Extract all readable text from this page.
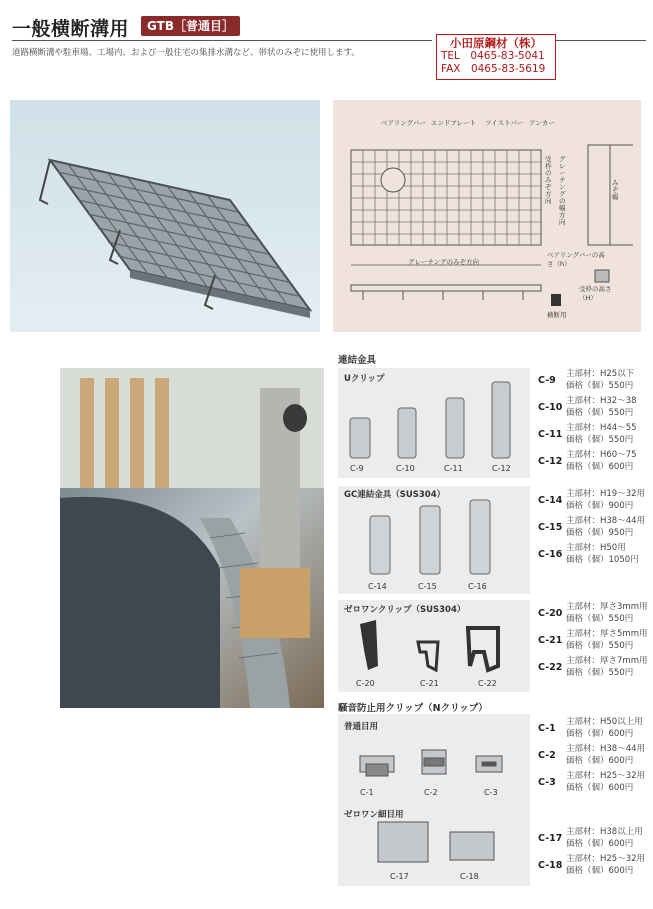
一般横断溝用	GTB［普通目］
道路横断溝や駐車場、工場内、および一般住宅の集排水溝など、帯状のみぞに使用します。
小田原鋼材（株）
TEL　0465-83-5041
FAX　0465-83-5619
ベアリングバー エンドプレート ツイストバー アンカー
グレーチングのみぞ方向
受枠のみぞ方向
グレーチングの幅方向
みぞ幅
ベアリングバーの高さ（h）
受枠の高さ（H）
横断用
連結金具
Uクリップ
C-9	C-10	C-11	C-12
GC連結金具（SUS304）
C-14	C-15	C-16
ゼロワンクリップ（SUS304）
C-20	C-21	C-22
騒音防止用クリップ（Nクリップ）
普通目用
C-1	C-2	C-3
ゼロワン細目用
C-17	C-18
C-9
主部材：H25以下
価格（個）550円
C-10
主部材：H32～38
価格（個）550円
C-11
主部材：H44～55
価格（個）550円
C-12
主部材：H60～75
価格（個）600円
C-14
主部材：H19～32用
価格（個）900円
C-15
主部材：H38～44用
価格（個）950円
C-16
主部材：H50用
価格（個）1050円
C-20
主部材：厚さ3mm用
価格（個）550円
C-21
主部材：厚さ5mm用
価格（個）550円
C-22
主部材：厚さ7mm用
価格（個）550円
C-1
主部材：H50以上用
価格（個）600円
C-2
主部材：H38～44用
価格（個）600円
C-3
主部材：H25～32用
価格（個）600円
C-17
主部材：H38以上用
価格（個）600円
C-18
主部材：H25～32用
価格（個）600円
